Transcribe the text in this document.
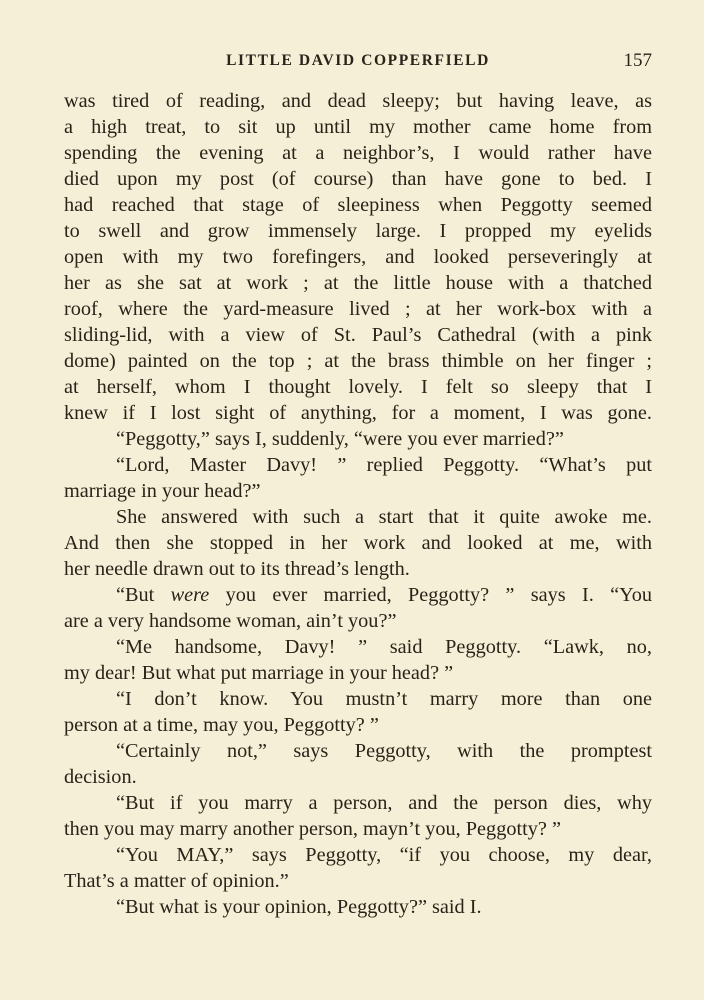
LITTLE DAVID COPPERFIELD	157

was tired of reading, and dead sleepy; but having leave, as
a high treat, to sit up until my mother came home from
spending the evening at a neighbor’s, I would rather have
died upon my post (of course) than have gone to bed. I
had reached that stage of sleepiness when Peggotty seemed
to swell and grow immensely large. I propped my eyelids
open with my two forefingers, and looked perseveringly at
her as she sat at work ; at the little house with a thatched
roof, where the yard-measure lived ; at her work-box with a
sliding-lid, with a view of St. Paul’s Cathedral (with a pink
dome) painted on the top ; at the brass thimble on her finger ;
at herself, whom I thought lovely. I felt so sleepy that I
knew if I lost sight of anything, for a moment, I was gone.

“Peggotty,” says I, suddenly, “were you ever married?”

“Lord, Master Davy! ” replied Peggotty. “What’s put
marriage in your head?”

She answered with such a start that it quite awoke me.
And then she stopped in her work and looked at me, with
her needle drawn out to its thread’s length.

“But were you ever married, Peggotty? ” says I. “You
are a very handsome woman, ain’t you?”

“Me handsome, Davy! ” said Peggotty. “Lawk, no,
my dear! But what put marriage in your head? ”

“I don’t know. You mustn’t marry more than one
person at a time, may you, Peggotty? ”

“Certainly not,” says Peggotty, with the promptest
decision.

“But if you marry a person, and the person dies, why
then you may marry another person, mayn’t you, Peggotty? ”

“You MAY,” says Peggotty, “if you choose, my dear,
That’s a matter of opinion.”

“But what is your opinion, Peggotty?” said I.
